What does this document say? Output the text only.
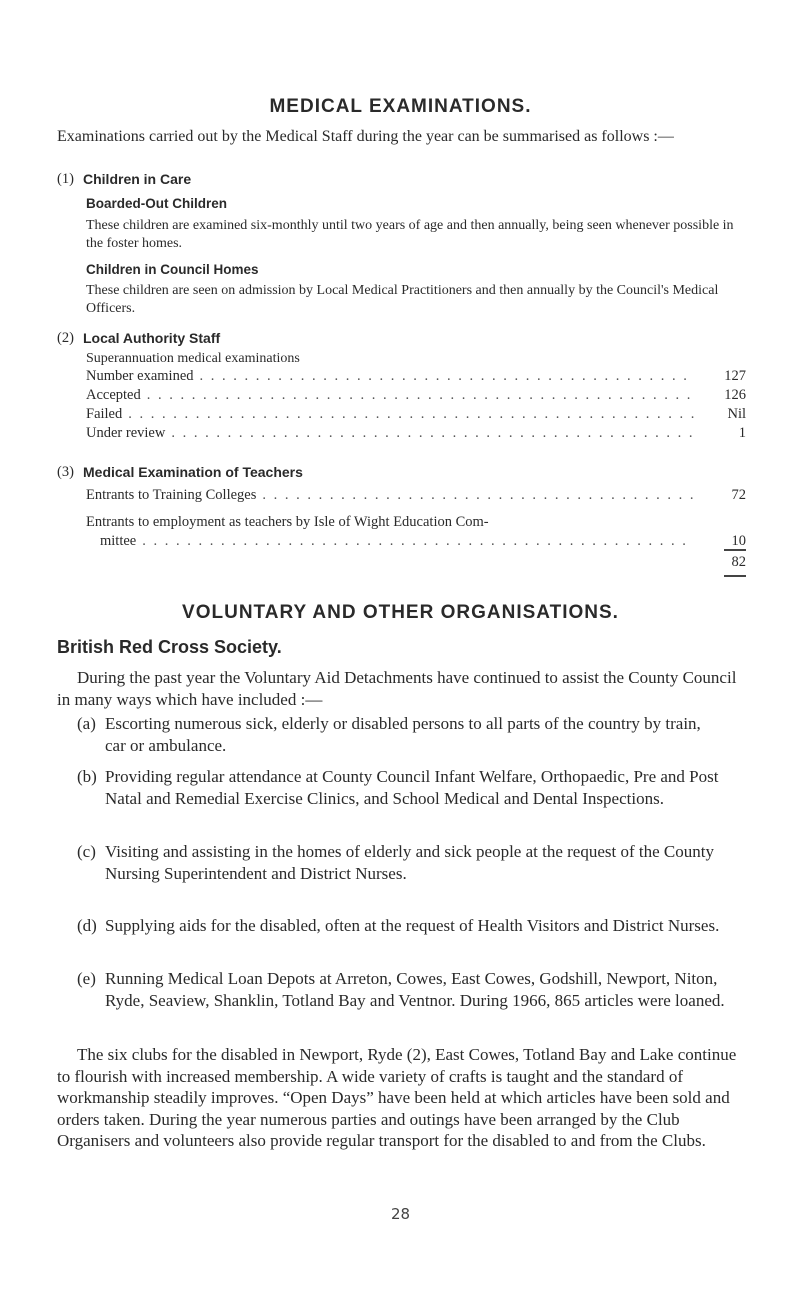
MEDICAL EXAMINATIONS.
Examinations carried out by the Medical Staff during the year can be summarised as follows :—
(1) Children in Care
Boarded-Out Children
These children are examined six-monthly until two years of age and then annually, being seen whenever possible in the foster homes.
Children in Council Homes
These children are seen on admission by Local Medical Practitioners and then annually by the Council's Medical Officers.
(2) Local Authority Staff
Superannuation medical examinations
Number examined . . .	127
Accepted . . .	126
Failed . . .	Nil
Under review . . .	1
(3) Medical Examination of Teachers
Entrants to Training Colleges . . .	72
Entrants to employment as teachers by Isle of Wight Education Com-
mittee . . .	10
82
VOLUNTARY AND OTHER ORGANISATIONS.
British Red Cross Society.
During the past year the Voluntary Aid Detachments have continued to assist the County Council in many ways which have included :—
(a) Escorting numerous sick, elderly or disabled persons to all parts of the country by train, car or ambulance.
(b) Providing regular attendance at County Council Infant Welfare, Orthopaedic, Pre and Post Natal and Remedial Exercise Clinics, and School Medical and Dental Inspections.
(c) Visiting and assisting in the homes of elderly and sick people at the request of the County Nursing Superintendent and District Nurses.
(d) Supplying aids for the disabled, often at the request of Health Visitors and District Nurses.
(e) Running Medical Loan Depots at Arreton, Cowes, East Cowes, Godshill, Newport, Niton, Ryde, Seaview, Shanklin, Totland Bay and Ventnor. During 1966, 865 articles were loaned.
The six clubs for the disabled in Newport, Ryde (2), East Cowes, Totland Bay and Lake continue to flourish with increased membership. A wide variety of crafts is taught and the standard of workmanship steadily improves. “Open Days” have been held at which articles have been sold and orders taken. During the year numerous parties and outings have been arranged by the Club Organisers and volunteers also provide regular transport for the disabled to and from the Clubs.
28
